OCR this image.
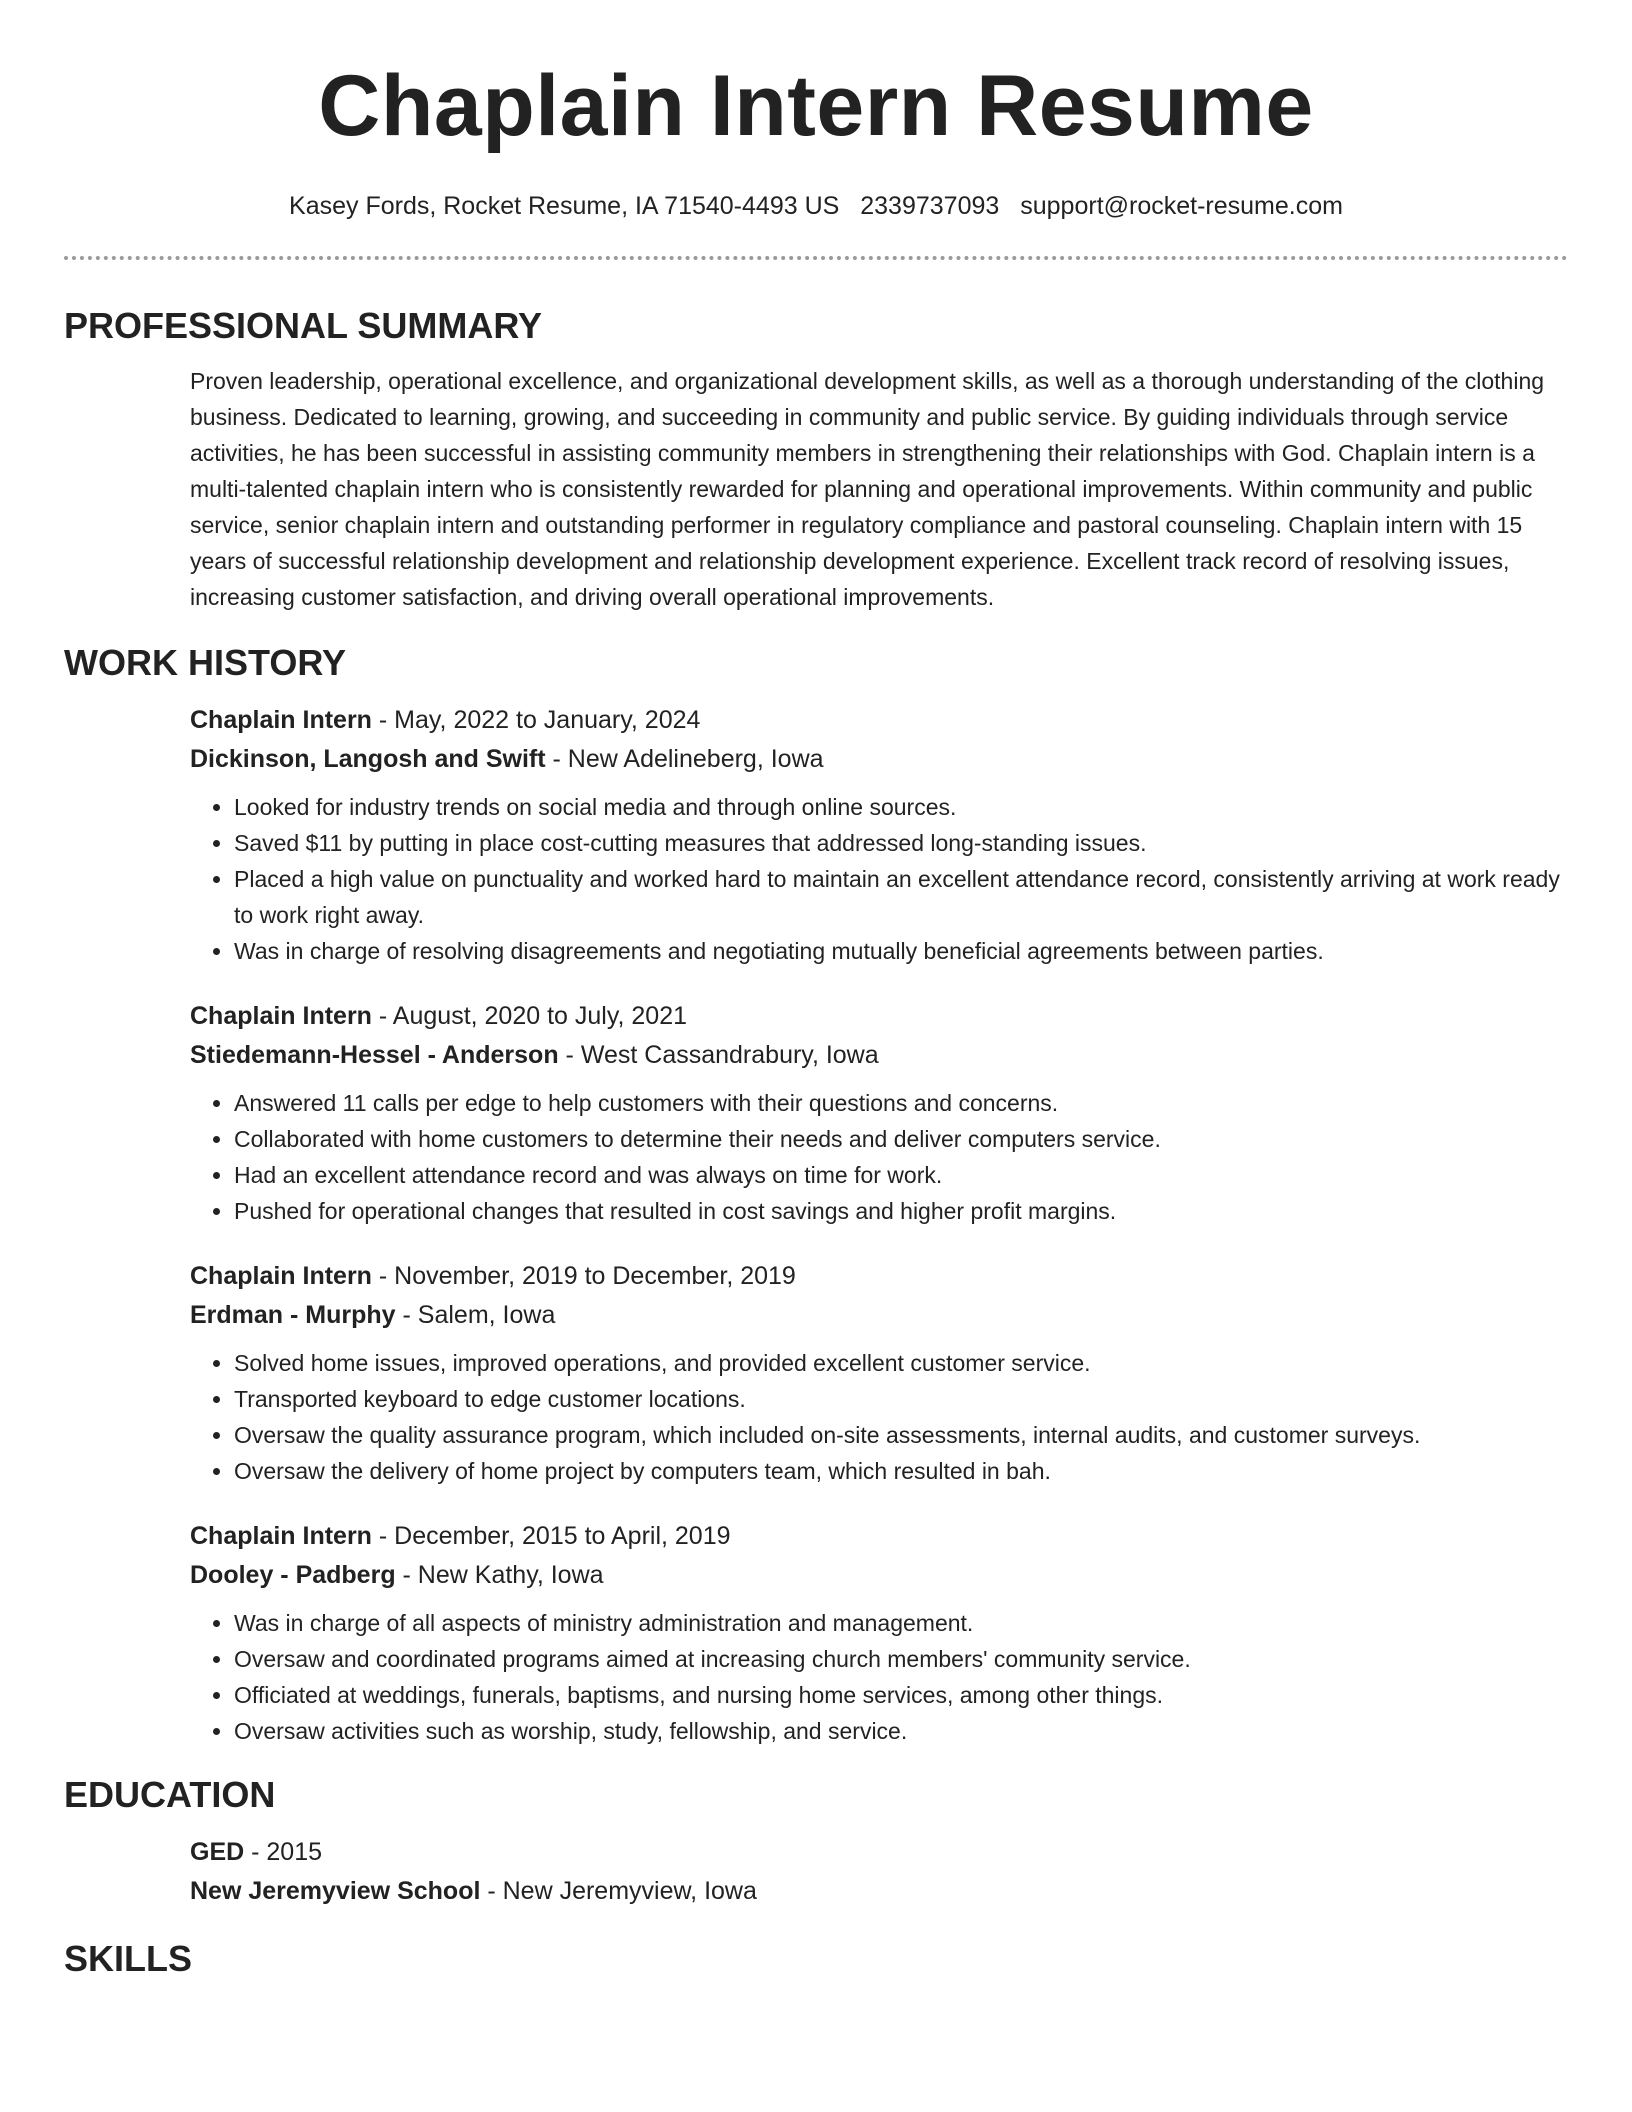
Chaplain Intern Resume
Kasey Fords, Rocket Resume, IA 71540-4493 US 2339737093 support@rocket-resume.com
PROFESSIONAL SUMMARY

Proven leadership, operational excellence, and organizational development skills, as well as a thorough understanding of the clothing business. Dedicated to learning, growing, and succeeding in community and public service. By guiding individuals through service activities, he has been successful in assisting community members in strengthening their relationships with God. Chaplain intern is a multi-talented chaplain intern who is consistently rewarded for planning and operational improvements. Within community and public service, senior chaplain intern and outstanding performer in regulatory compliance and pastoral counseling. Chaplain intern with 15 years of successful relationship development and relationship development experience. Excellent track record of resolving issues, increasing customer satisfaction, and driving overall operational improvements.

WORK HISTORY
Chaplain Intern - May, 2022 to January, 2024
Dickinson, Langosh and Swift - New Adelineberg, Iowa
• Looked for industry trends on social media and through online sources.
• Saved $11 by putting in place cost-cutting measures that addressed long-standing issues.
• Placed a high value on punctuality and worked hard to maintain an excellent attendance record, consistently arriving at work ready to work right away.
• Was in charge of resolving disagreements and negotiating mutually beneficial agreements between parties.
Chaplain Intern - August, 2020 to July, 2021
Stiedemann-Hessel - Anderson - West Cassandrabury, Iowa
• Answered 11 calls per edge to help customers with their questions and concerns.
• Collaborated with home customers to determine their needs and deliver computers service.
• Had an excellent attendance record and was always on time for work.
• Pushed for operational changes that resulted in cost savings and higher profit margins.
Chaplain Intern - November, 2019 to December, 2019
Erdman - Murphy - Salem, Iowa
• Solved home issues, improved operations, and provided excellent customer service.
• Transported keyboard to edge customer locations.
• Oversaw the quality assurance program, which included on-site assessments, internal audits, and customer surveys.
• Oversaw the delivery of home project by computers team, which resulted in bah.
Chaplain Intern - December, 2015 to April, 2019
Dooley - Padberg - New Kathy, Iowa
• Was in charge of all aspects of ministry administration and management.
• Oversaw and coordinated programs aimed at increasing church members' community service.
• Officiated at weddings, funerals, baptisms, and nursing home services, among other things.
• Oversaw activities such as worship, study, fellowship, and service.
EDUCATION
GED - 2015
New Jeremyview School - New Jeremyview, Iowa
SKILLS
